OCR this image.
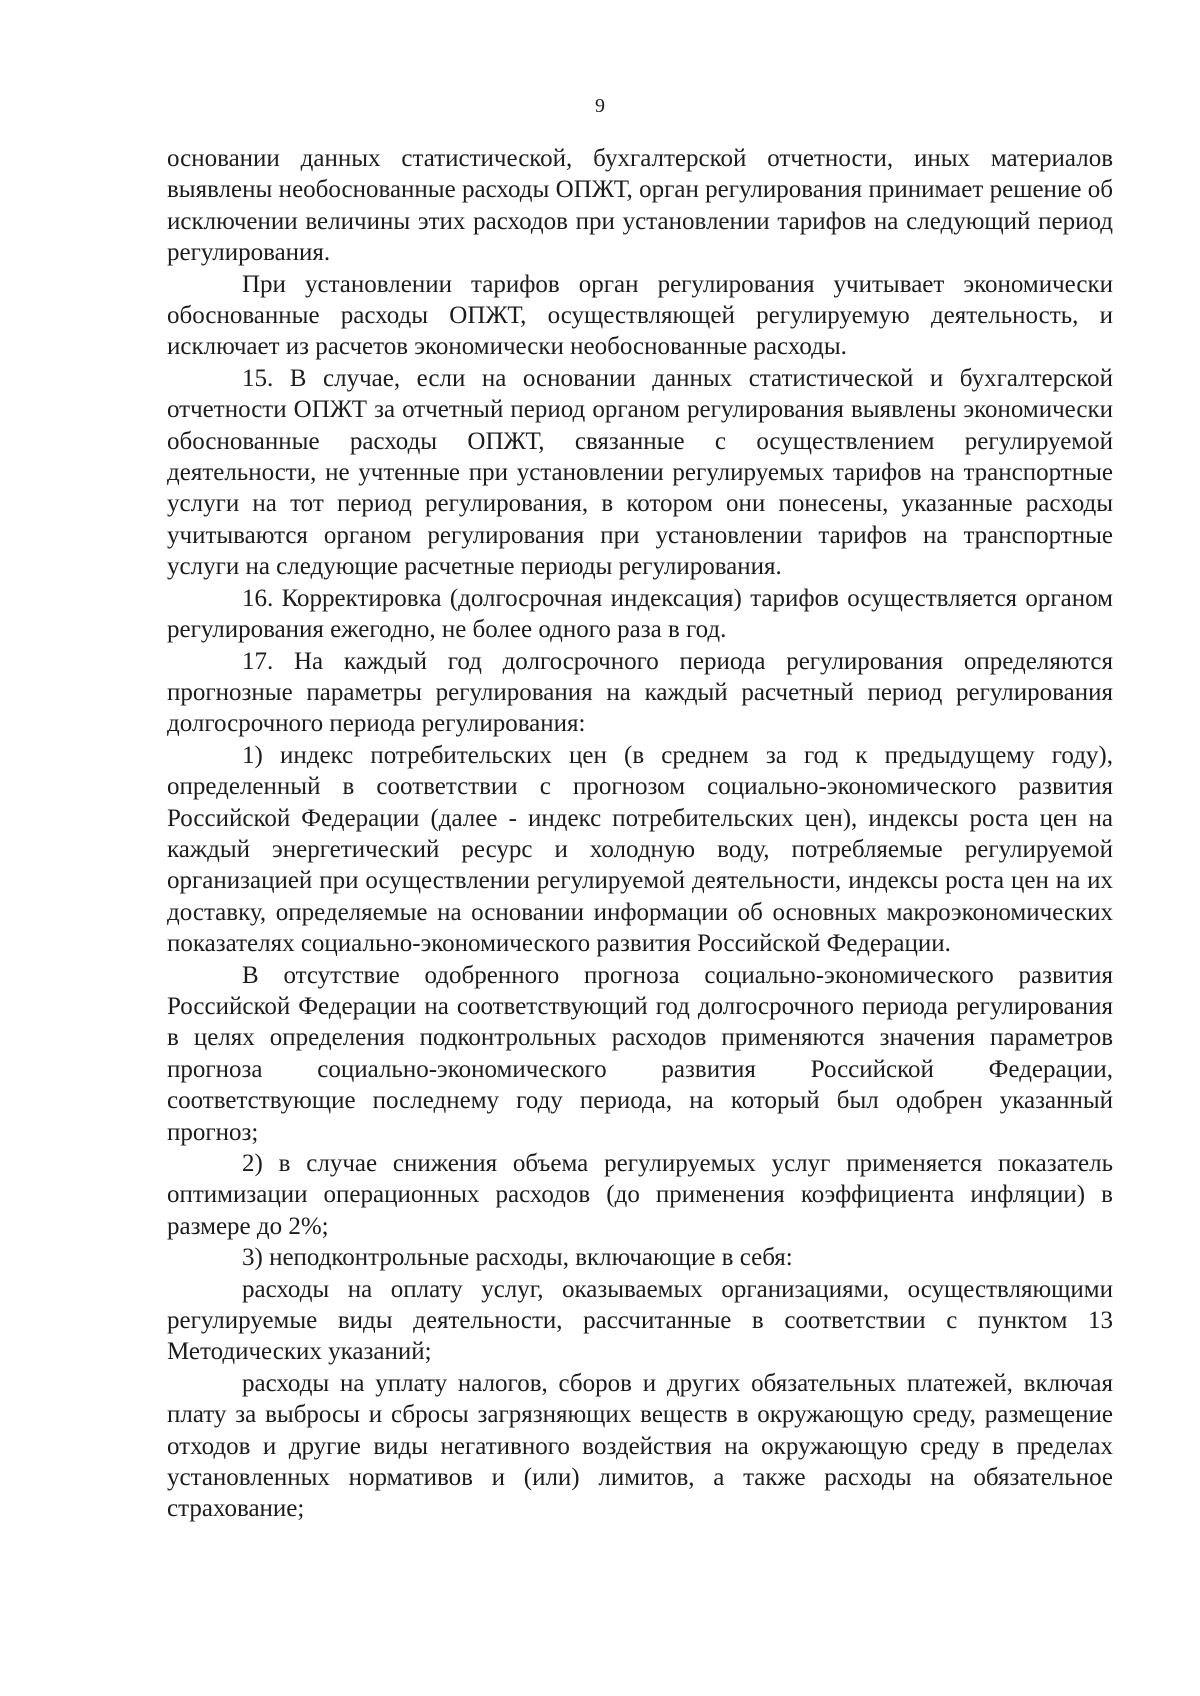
9

основании данных статистической, бухгалтерской отчетности, иных материалов выявлены необоснованные расходы ОПЖТ, орган регулирования принимает решение об исключении величины этих расходов при установлении тарифов на следующий период регулирования.

При установлении тарифов орган регулирования учитывает экономически обоснованные расходы ОПЖТ, осуществляющей регулируемую деятельность, и исключает из расчетов экономически необоснованные расходы.

15. В случае, если на основании данных статистической и бухгалтерской отчетности ОПЖТ за отчетный период органом регулирования выявлены экономически обоснованные расходы ОПЖТ, связанные с осуществлением регулируемой деятельности, не учтенные при установлении регулируемых тарифов на транспортные услуги на тот период регулирования, в котором они понесены, указанные расходы учитываются органом регулирования при установлении тарифов на транспортные услуги на следующие расчетные периоды регулирования.

16. Корректировка (долгосрочная индексация) тарифов осуществляется органом регулирования ежегодно, не более одного раза в год.

17. На каждый год долгосрочного периода регулирования определяются прогнозные параметры регулирования на каждый расчетный период регулирования долгосрочного периода регулирования:

1) индекс потребительских цен (в среднем за год к предыдущему году), определенный в соответствии с прогнозом социально-экономического развития Российской Федерации (далее - индекс потребительских цен), индексы роста цен на каждый энергетический ресурс и холодную воду, потребляемые регулируемой организацией при осуществлении регулируемой деятельности, индексы роста цен на их доставку, определяемые на основании информации об основных макроэкономических показателях социально-экономического развития Российской Федерации.

В отсутствие одобренного прогноза социально-экономического развития Российской Федерации на соответствующий год долгосрочного периода регулирования в целях определения подконтрольных расходов применяются значения параметров прогноза социально-экономического развития Российской Федерации, соответствующие последнему году периода, на который был одобрен указанный прогноз;

2) в случае снижения объема регулируемых услуг применяется показатель оптимизации операционных расходов (до применения коэффициента инфляции) в размере до 2%;

3) неподконтрольные расходы, включающие в себя:

расходы на оплату услуг, оказываемых организациями, осуществляющими регулируемые виды деятельности, рассчитанные в соответствии с пунктом 13 Методических указаний;

расходы на уплату налогов, сборов и других обязательных платежей, включая плату за выбросы и сбросы загрязняющих веществ в окружающую среду, размещение отходов и другие виды негативного воздействия на окружающую среду в пределах установленных нормативов и (или) лимитов, а также расходы на обязательное страхование;
